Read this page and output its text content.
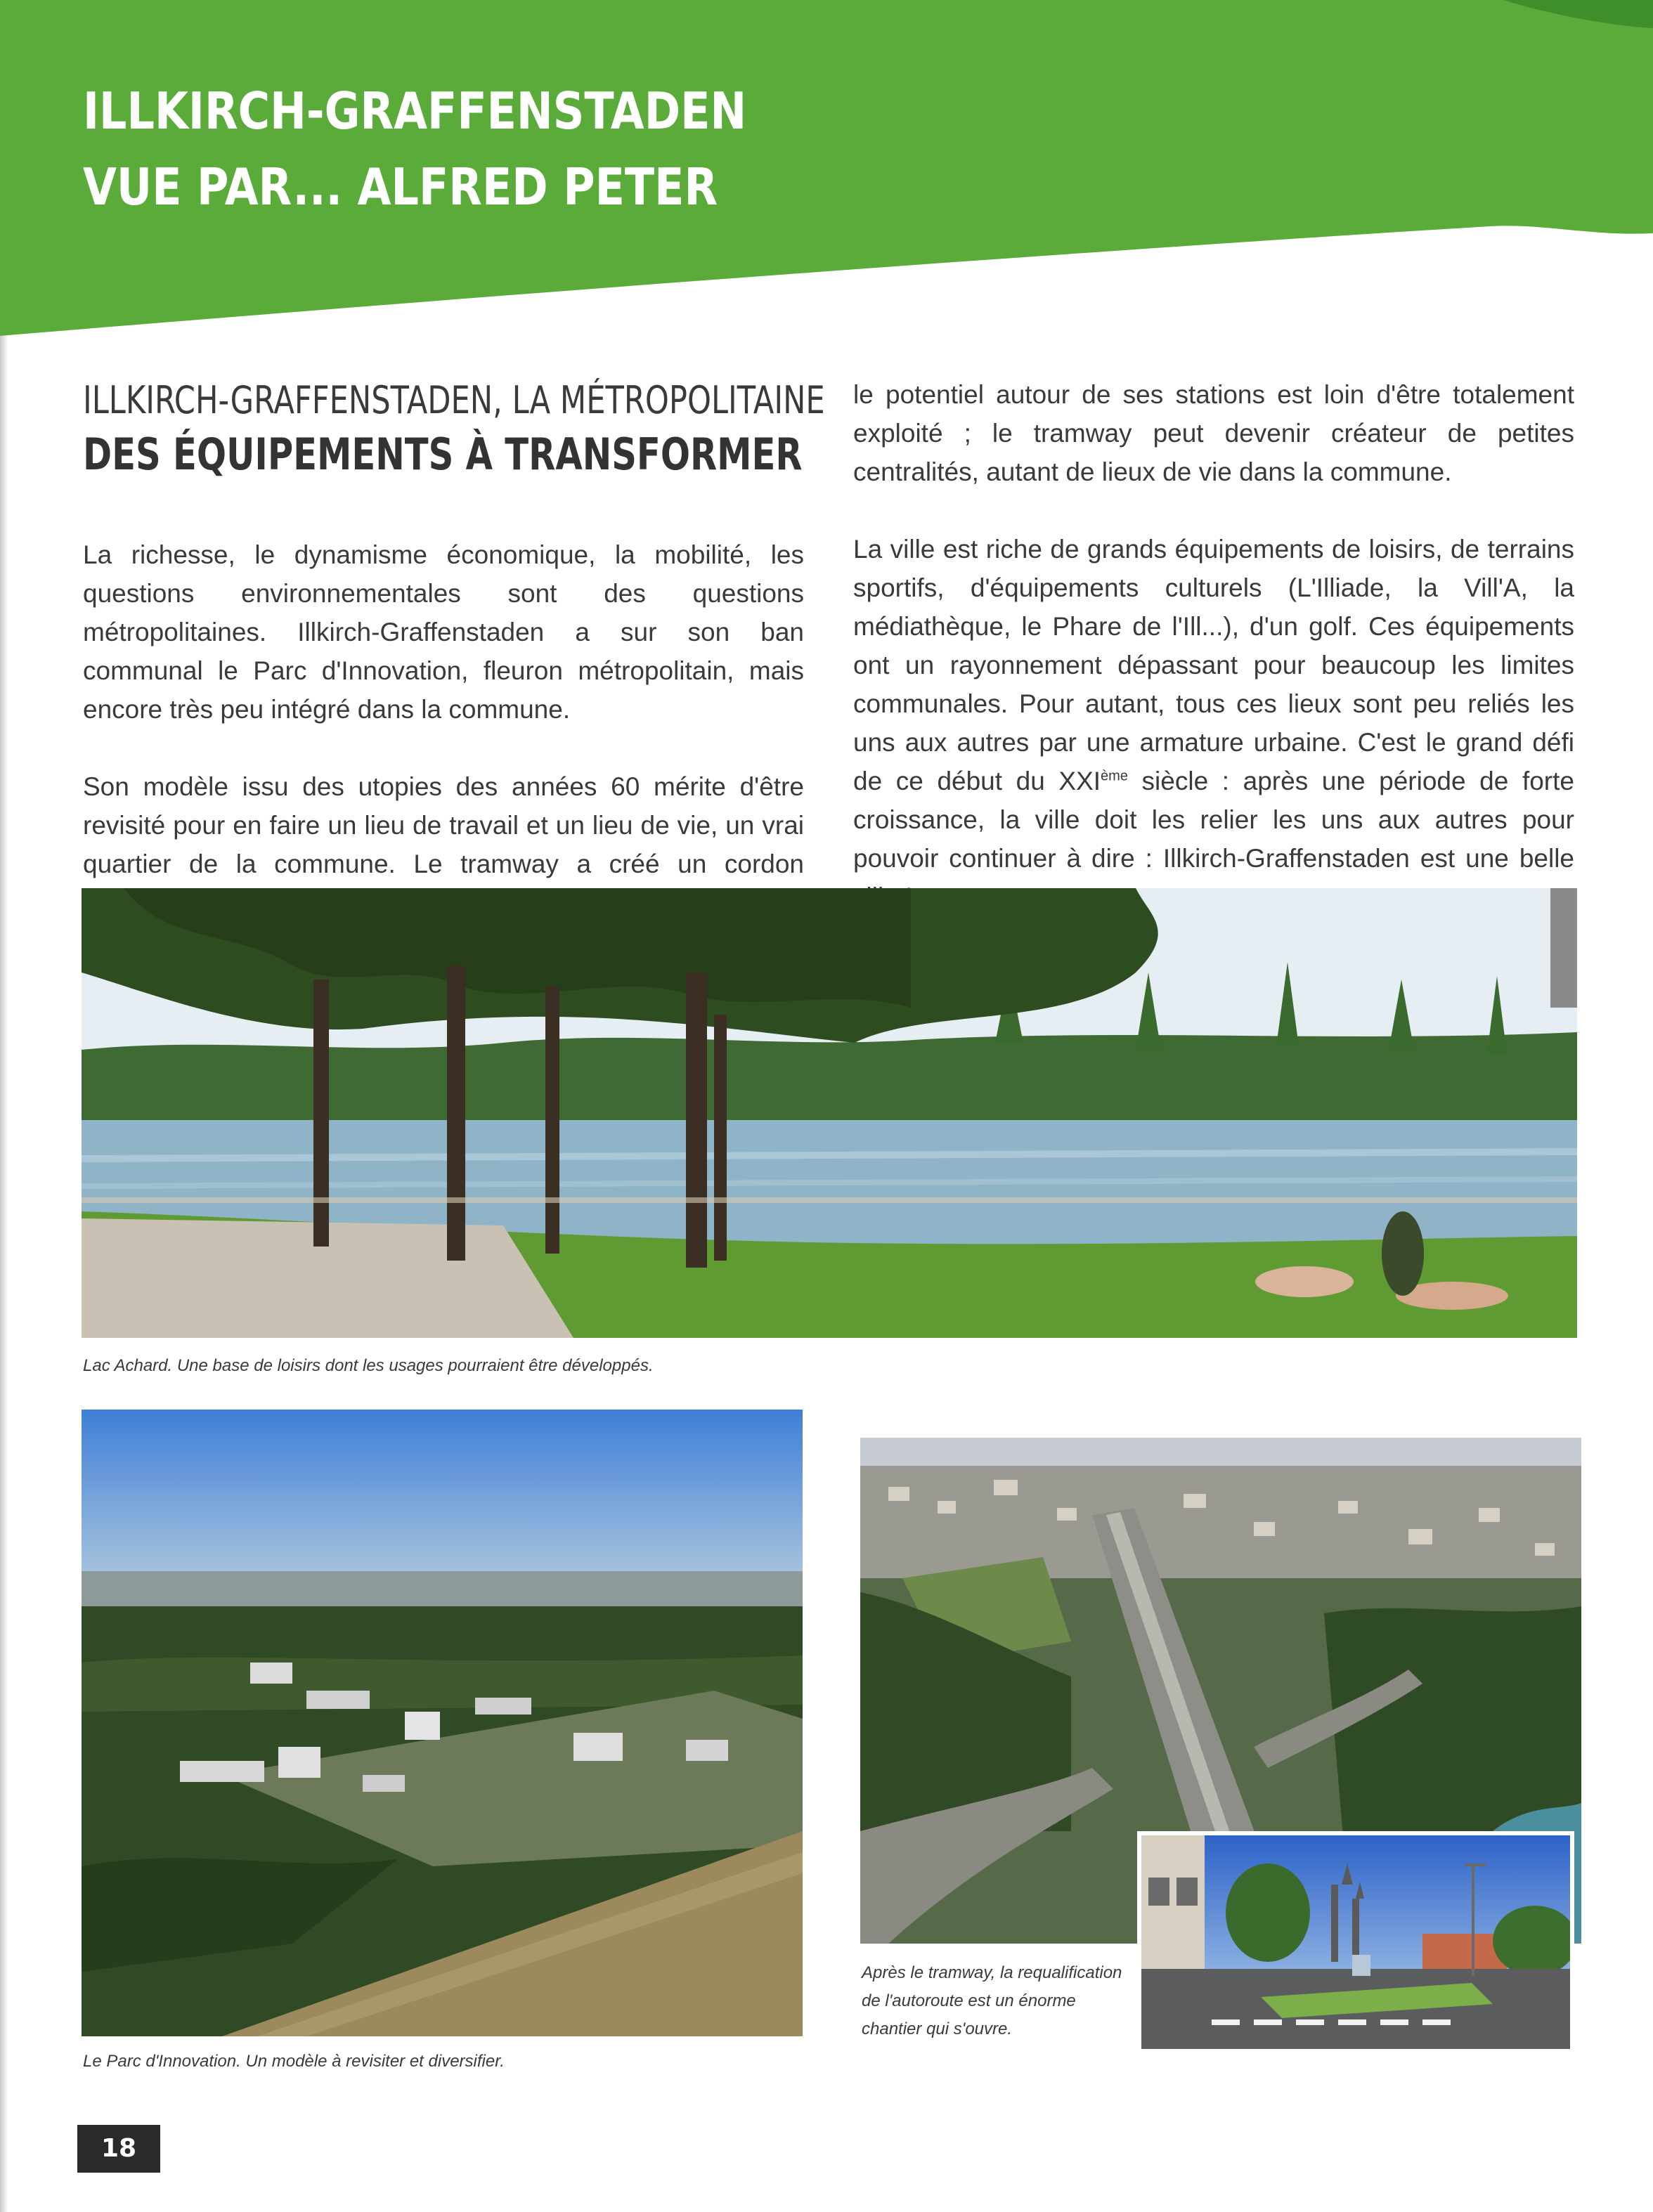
ILLKIRCH-GRAFFENSTADEN
VUE PAR... ALFRED PETER
ILLKIRCH-GRAFFENSTADEN, LA MÉTROPOLITAINE
DES ÉQUIPEMENTS À TRANSFORMER

La richesse, le dynamisme économique, la mobilité, les questions environnementales sont des questions métropolitaines. Illkirch-Graffenstaden a sur son ban communal le Parc d'Innovation, fleuron métropolitain, mais encore très peu intégré dans la commune.

Son modèle issu des utopies des années 60 mérite d'être revisité pour en faire un lieu de travail et un lieu de vie, un vrai quartier de la commune. Le tramway a créé un cordon

le potentiel autour de ses stations est loin d'être totalement exploité ; le tramway peut devenir créateur de petites centralités, autant de lieux de vie dans la commune.

La ville est riche de grands équipements de loisirs, de terrains sportifs, d'équipements culturels (L'Illiade, la Vill'A, la médiathèque, le Phare de l'Ill...), d'un golf. Ces équipements ont un rayonnement dépassant pour beaucoup les limites communales. Pour autant, tous ces lieux sont peu reliés les uns aux autres par une armature urbaine. C'est le grand défi de ce début du XXIème siècle : après une période de forte croissance, la ville doit les relier les uns aux autres pour pouvoir continuer à dire : Illkirch-Graffenstaden est une belle

Lac Achard. Une base de loisirs dont les usages pourraient être développés.

Le Parc d'Innovation. Un modèle à revisiter et diversifier.

Après le tramway, la requalification
de l'autoroute est un énorme
chantier qui s'ouvre.

18
